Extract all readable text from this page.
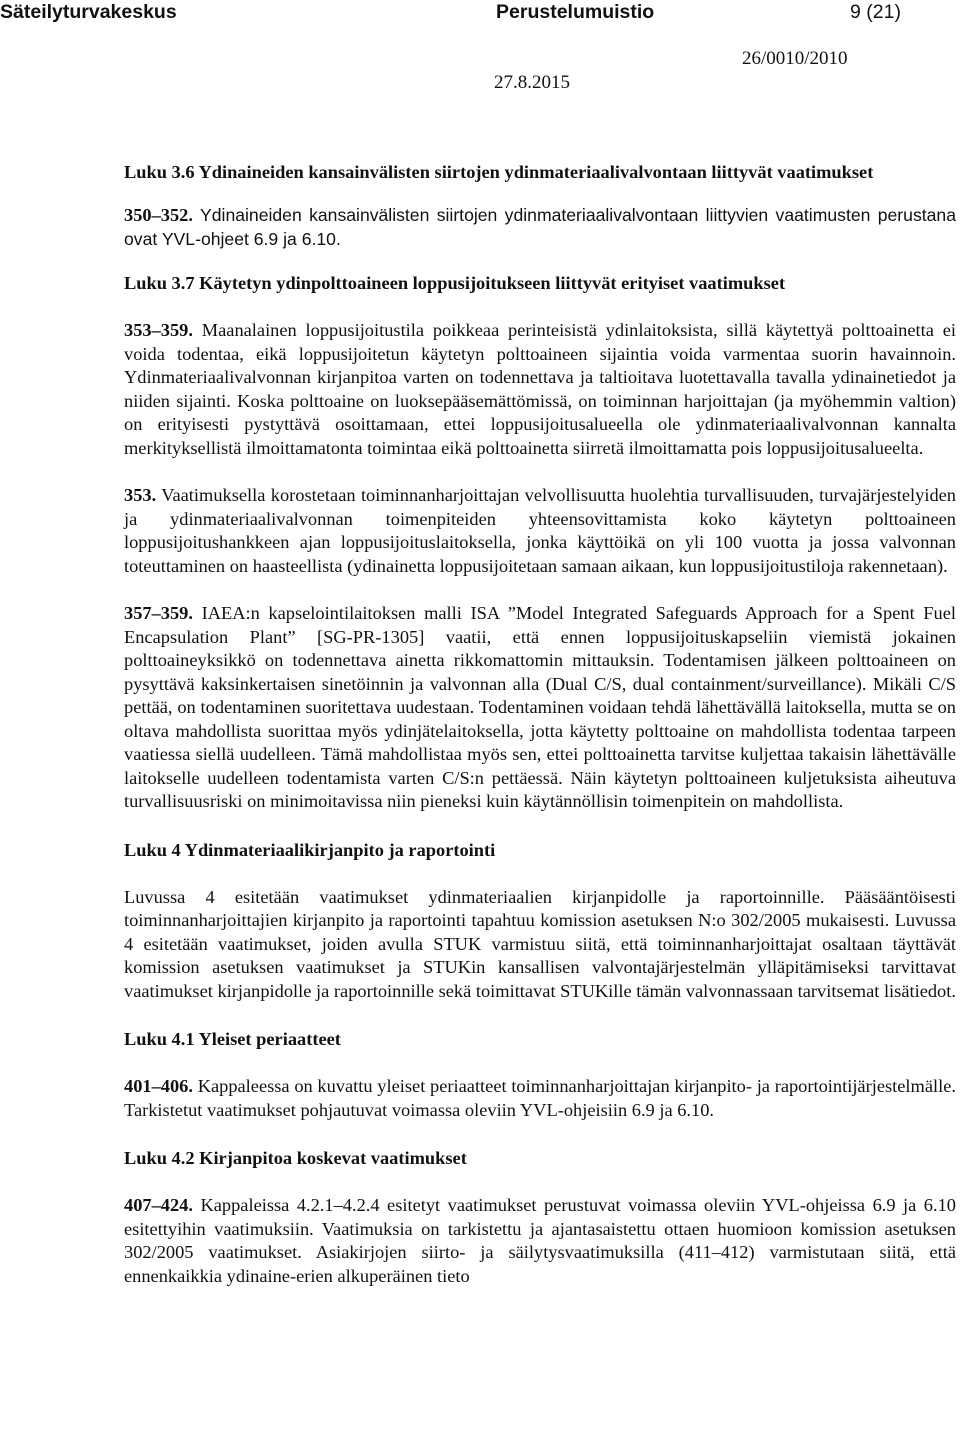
Säteilyturvakeskus	Perustelumuistio	9 (21)
26/0010/2010
27.8.2015

Luku 3.6 Ydinaineiden kansainvälisten siirtojen ydinmateriaalivalvontaan liittyvät vaatimukset

350–352. Ydinaineiden kansainvälisten siirtojen ydinmateriaalivalvontaan liittyvien vaatimusten perustana ovat YVL-ohjeet 6.9 ja 6.10.

Luku 3.7 Käytetyn ydinpolttoaineen loppusijoitukseen liittyvät erityiset vaatimukset

353–359. Maanalainen loppusijoitustila poikkeaa perinteisistä ydinlaitoksista, sillä käytettyä polttoainetta ei voida todentaa, eikä loppusijoitetun käytetyn polttoaineen sijaintia voida varmentaa suorin havainnoin. Ydinmateriaalivalvonnan kirjanpitoa varten on todennettava ja taltioitava luotettavalla tavalla ydinainetiedot ja niiden sijainti. Koska polttoaine on luoksepääsemättömissä, on toiminnan harjoittajan (ja myöhemmin valtion) on erityisesti pystyttävä osoittamaan, ettei loppusijoitusalueella ole ydinmateriaalivalvonnan kannalta merkityksellistä ilmoittamatonta toimintaa eikä polttoainetta siirretä ilmoittamatta pois loppusijoitusalueelta.

353. Vaatimuksella korostetaan toiminnanharjoittajan velvollisuutta huolehtia turvallisuuden, turvajärjestelyiden ja ydinmateriaalivalvonnan toimenpiteiden yhteensovittamista koko käytetyn polttoaineen loppusijoitushankkeen ajan loppusijoituslaitoksella, jonka käyttöikä on yli 100 vuotta ja jossa valvonnan toteuttaminen on haasteellista (ydinainetta loppusijoitetaan samaan aikaan, kun loppusijoitustiloja rakennetaan).

357–359. IAEA:n kapselointilaitoksen malli ISA ”Model Integrated Safeguards Approach for a Spent Fuel Encapsulation Plant” [SG-PR-1305] vaatii, että ennen loppusijoituskapseliin viemistä jokainen polttoaineyksikkö on todennettava ainetta rikkomattomin mittauksin. Todentamisen jälkeen polttoaineen on pysyttävä kaksinkertaisen sinetöinnin ja valvonnan alla (Dual C/S, dual containment/surveillance). Mikäli C/S pettää, on todentaminen suoritettava uudestaan. Todentaminen voidaan tehdä lähettävällä laitoksella, mutta se on oltava mahdollista suorittaa myös ydinjätelaitoksella, jotta käytetty polttoaine on mahdollista todentaa tarpeen vaatiessa siellä uudelleen. Tämä mahdollistaa myös sen, ettei polttoainetta tarvitse kuljettaa takaisin lähettävälle laitokselle uudelleen todentamista varten C/S:n pettäessä. Näin käytetyn polttoaineen kuljetuksista aiheutuva turvallisuusriski on minimoitavissa niin pieneksi kuin käytännöllisin toimenpitein on mahdollista.

Luku 4 Ydinmateriaalikirjanpito ja raportointi

Luvussa 4 esitetään vaatimukset ydinmateriaalien kirjanpidolle ja raportoinnille. Pääsääntöisesti toiminnanharjoittajien kirjanpito ja raportointi tapahtuu komission asetuksen N:o 302/2005 mukaisesti. Luvussa 4 esitetään vaatimukset, joiden avulla STUK varmistuu siitä, että toiminnanharjoittajat osaltaan täyttävät komission asetuksen vaatimukset ja STUKin kansallisen valvontajärjestelmän ylläpitämiseksi tarvittavat vaatimukset kirjanpidolle ja raportoinnille sekä toimittavat STUKille tämän valvonnassaan tarvitsemat lisätiedot.

Luku 4.1 Yleiset periaatteet

401–406. Kappaleessa on kuvattu yleiset periaatteet toiminnanharjoittajan kirjanpito- ja raportointijärjestelmälle. Tarkistetut vaatimukset pohjautuvat voimassa oleviin YVL-ohjeisiin 6.9 ja 6.10.

Luku 4.2 Kirjanpitoa koskevat vaatimukset

407–424. Kappaleissa 4.2.1–4.2.4 esitetyt vaatimukset perustuvat voimassa oleviin YVL-ohjeissa 6.9 ja 6.10 esitettyihin vaatimuksiin. Vaatimuksia on tarkistettu ja ajantasaistettu ottaen huomioon komission asetuksen 302/2005 vaatimukset. Asiakirjojen siirto- ja säilytysvaatimuksilla (411–412) varmistutaan siitä, että ennenkaikkia ydinaine-erien alkuperäinen tieto
